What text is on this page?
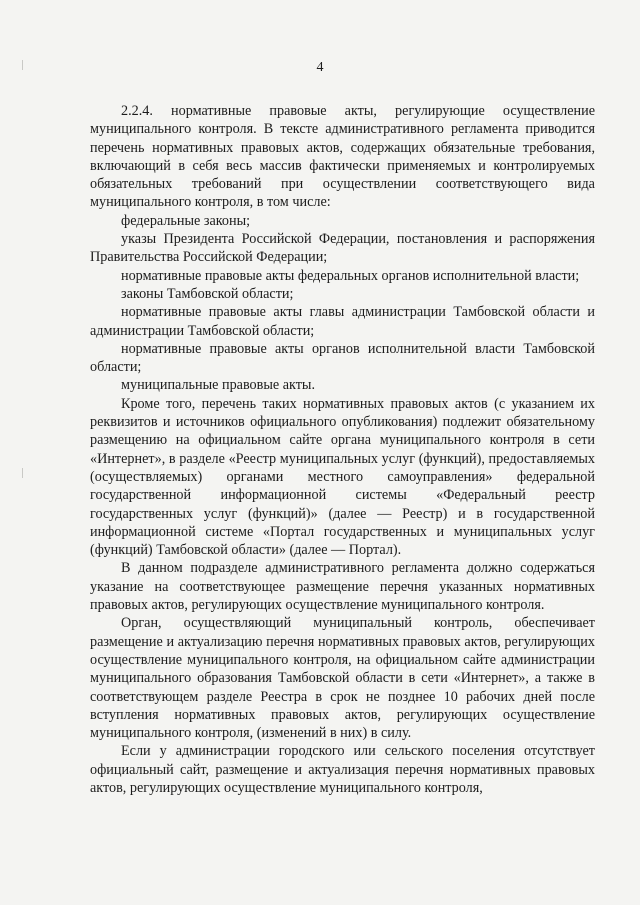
4

2.2.4. нормативные правовые акты, регулирующие осуществление муниципального контроля. В тексте административного регламента приводится перечень нормативных правовых актов, содержащих обязательные требования, включающий в себя весь массив фактически применяемых и контролируемых обязательных требований при осуществлении соответствующего вида муниципального контроля, в том числе:

федеральные законы;

указы Президента Российской Федерации, постановления и распоряжения Правительства Российской Федерации;

нормативные правовые акты федеральных органов исполнительной власти;

законы Тамбовской области;

нормативные правовые акты главы администрации Тамбовской области и администрации Тамбовской области;

нормативные правовые акты органов исполнительной власти Тамбовской области;

муниципальные правовые акты.

Кроме того, перечень таких нормативных правовых актов (с указанием их реквизитов и источников официального опубликования) подлежит обязательному размещению на официальном сайте органа муниципального контроля в сети «Интернет», в разделе «Реестр муниципальных услуг (функций), предоставляемых (осуществляемых) органами местного самоуправления» федеральной государственной информационной системы «Федеральный реестр государственных услуг (функций)» (далее — Реестр) и в государственной информационной системе «Портал государственных и муниципальных услуг (функций) Тамбовской области» (далее — Портал).

В данном подразделе административного регламента должно содержаться указание на соответствующее размещение перечня указанных нормативных правовых актов, регулирующих осуществление муниципального контроля.

Орган, осуществляющий муниципальный контроль, обеспечивает размещение и актуализацию перечня нормативных правовых актов, регулирующих осуществление муниципального контроля, на официальном сайте администрации муниципального образования Тамбовской области в сети «Интернет», а также в соответствующем разделе Реестра в срок не позднее 10 рабочих дней после вступления нормативных правовых актов, регулирующих осуществление муниципального контроля, (изменений в них) в силу.

Если у администрации городского или сельского поселения отсутствует официальный сайт, размещение и актуализация перечня нормативных правовых актов, регулирующих осуществление муниципального контроля,
